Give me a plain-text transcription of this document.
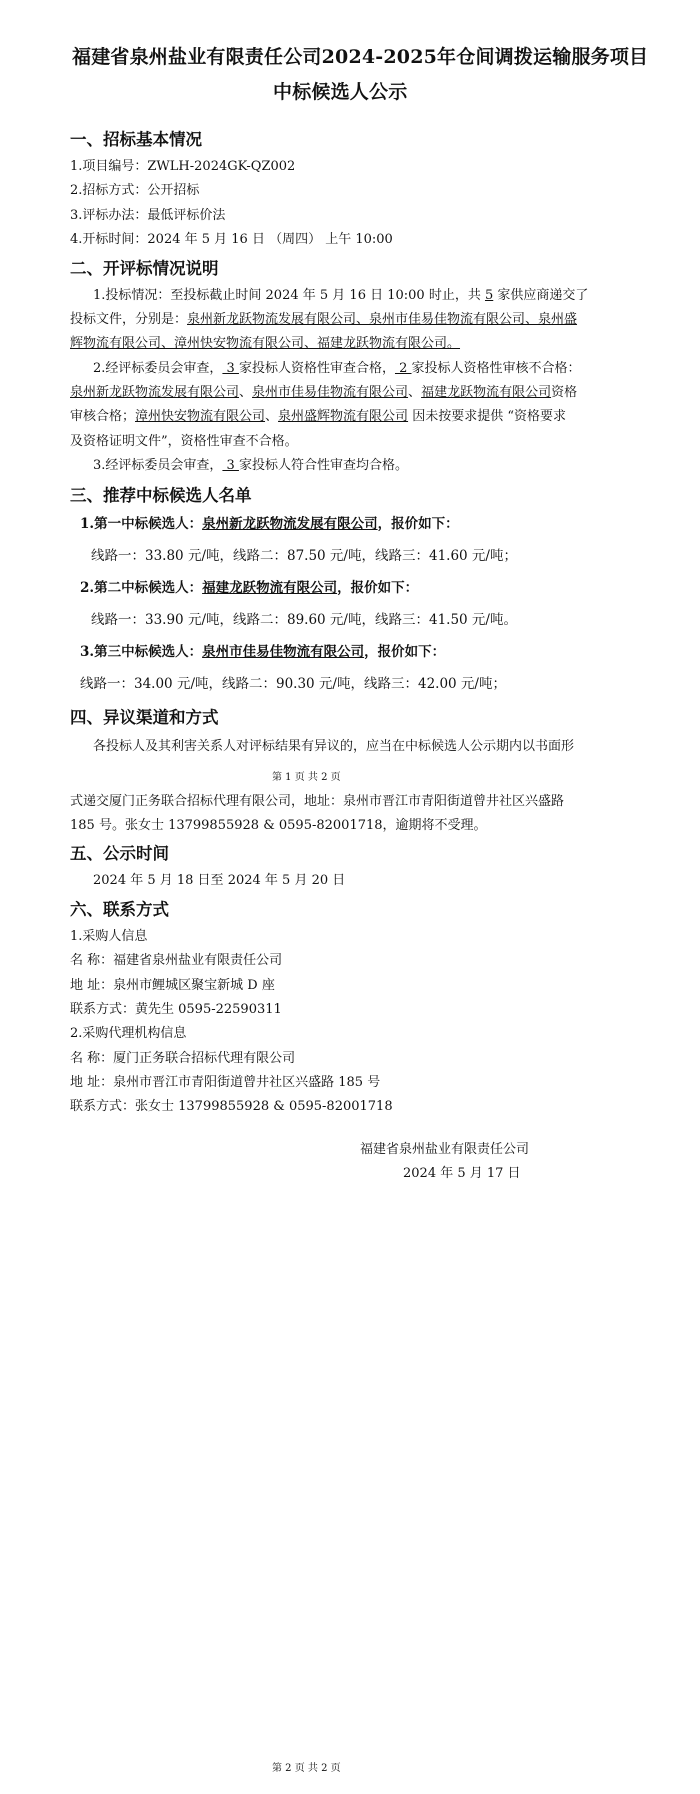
福建省泉州盐业有限责任公司2024-2025年仓间调拨运输服务项目
中标候选人公示
一、招标基本情况
1.项目编号：ZWLH-2024GK-QZ002
2.招标方式：公开招标
3.评标办法：最低评标价法
4.开标时间：2024 年 5 月 16 日 （周四） 上午 10:00
二、开评标情况说明
1.投标情况：至投标截止时间 2024 年 5 月 16 日 10:00 时止，共 5 家供应商递交了
投标文件，分别是：泉州新龙跃物流发展有限公司、泉州市佳易佳物流有限公司、泉州盛
辉物流有限公司、漳州快安物流有限公司、福建龙跃物流有限公司。
2.经评标委员会审查， 3 家投标人资格性审查合格， 2 家投标人资格性审核不合格：
泉州新龙跃物流发展有限公司、泉州市佳易佳物流有限公司、福建龙跃物流有限公司资格
审核合格；漳州快安物流有限公司、泉州盛辉物流有限公司 因未按要求提供 “资格要求
及资格证明文件”，资格性审查不合格。
3.经评标委员会审查， 3 家投标人符合性审查均合格。
三、推荐中标候选人名单
1.第一中标候选人：泉州新龙跃物流发展有限公司，报价如下：
线路一：33.80 元/吨，线路二：87.50 元/吨，线路三：41.60 元/吨；
2.第二中标候选人：福建龙跃物流有限公司，报价如下：
线路一：33.90 元/吨，线路二：89.60 元/吨，线路三：41.50 元/吨。
3.第三中标候选人：泉州市佳易佳物流有限公司，报价如下：
线路一：34.00 元/吨，线路二：90.30 元/吨，线路三：42.00 元/吨；
四、异议渠道和方式
各投标人及其利害关系人对评标结果有异议的，应当在中标候选人公示期内以书面形
第 1 页 共 2 页
式递交厦门正务联合招标代理有限公司，地址：泉州市晋江市青阳街道曾井社区兴盛路
185 号。张女士 13799855928 & 0595-82001718，逾期将不受理。
五、公示时间
2024 年 5 月 18 日至 2024 年 5 月 20 日
六、联系方式
1.采购人信息
名 称：福建省泉州盐业有限责任公司
地 址：泉州市鲤城区聚宝新城 D 座
联系方式：黄先生 0595-22590311
2.采购代理机构信息
名 称：厦门正务联合招标代理有限公司
地 址：泉州市晋江市青阳街道曾井社区兴盛路 185 号
联系方式：张女士 13799855928 & 0595-82001718
福建省泉州盐业有限责任公司
2024 年 5 月 17 日
第 2 页 共 2 页
